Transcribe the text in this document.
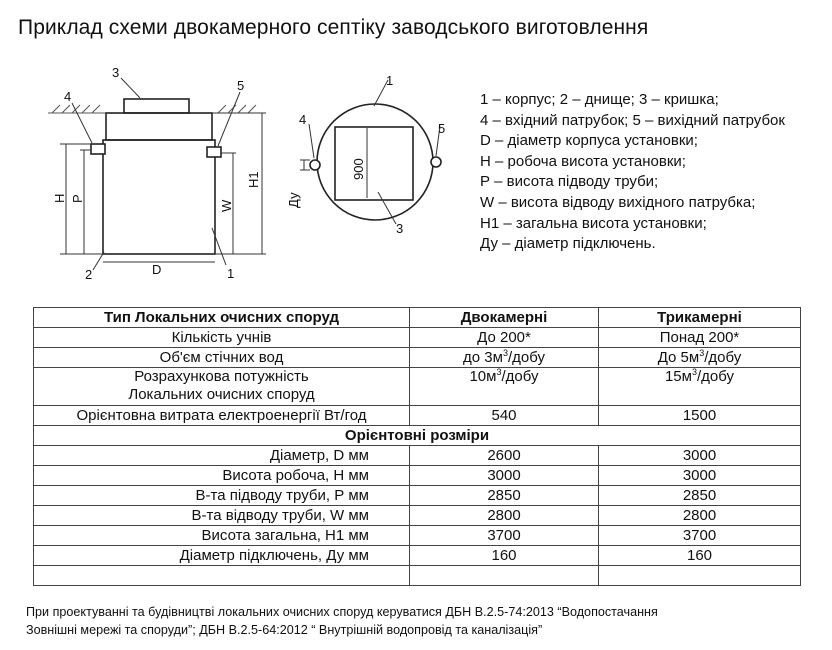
Приклад схеми двокамерного септіку заводського виготовлення
3
4
5
2	1
D
H P
W
H1
1
4
5
3
900
Ду
1 – корпус; 2 – днище; 3 – кришка;
4 – вхідний патрубок; 5 – вихідний патрубок
D – діаметр корпуса установки;
Н – робоча висота установки;
Р – висота підводу труби;
W – висота відводу вихідного патрубка;
Н1 – загальна висота установки;
Ду – діаметр підключень.
Тип Локальних очисних споруд	Двокамерні	Трикамерні
Кількість учнів	До 200*	Понад 200*
Об'єм стічних вод	до $3м^3$/добу	До $5м^3$/добу

Розрахункова потужність
Локальних очисних споруд	$10м^3$/добу	$15м^3$/добу
Орієнтовна витрата електроенергії Вт/год	540	1500
Орієнтовні розміри		
Діаметр, D мм	2600	3000
Висота робоча, Н мм	3000	3000
В-та підводу труби, Р мм	2850	2850
В-та відводу труби, W мм	2800	2800
Висота загальна, Н1 мм	3700	3700
Діаметр підключень, Ду мм	160	160

При проектуванні та будівництві локальних очисних споруд керуватися ДБН В.2.5-74:2013 “Водопостачання
Зовнішні мережі та споруди”; ДБН В.2.5-64:2012 “ Внутрішній водопровід та каналізація”
